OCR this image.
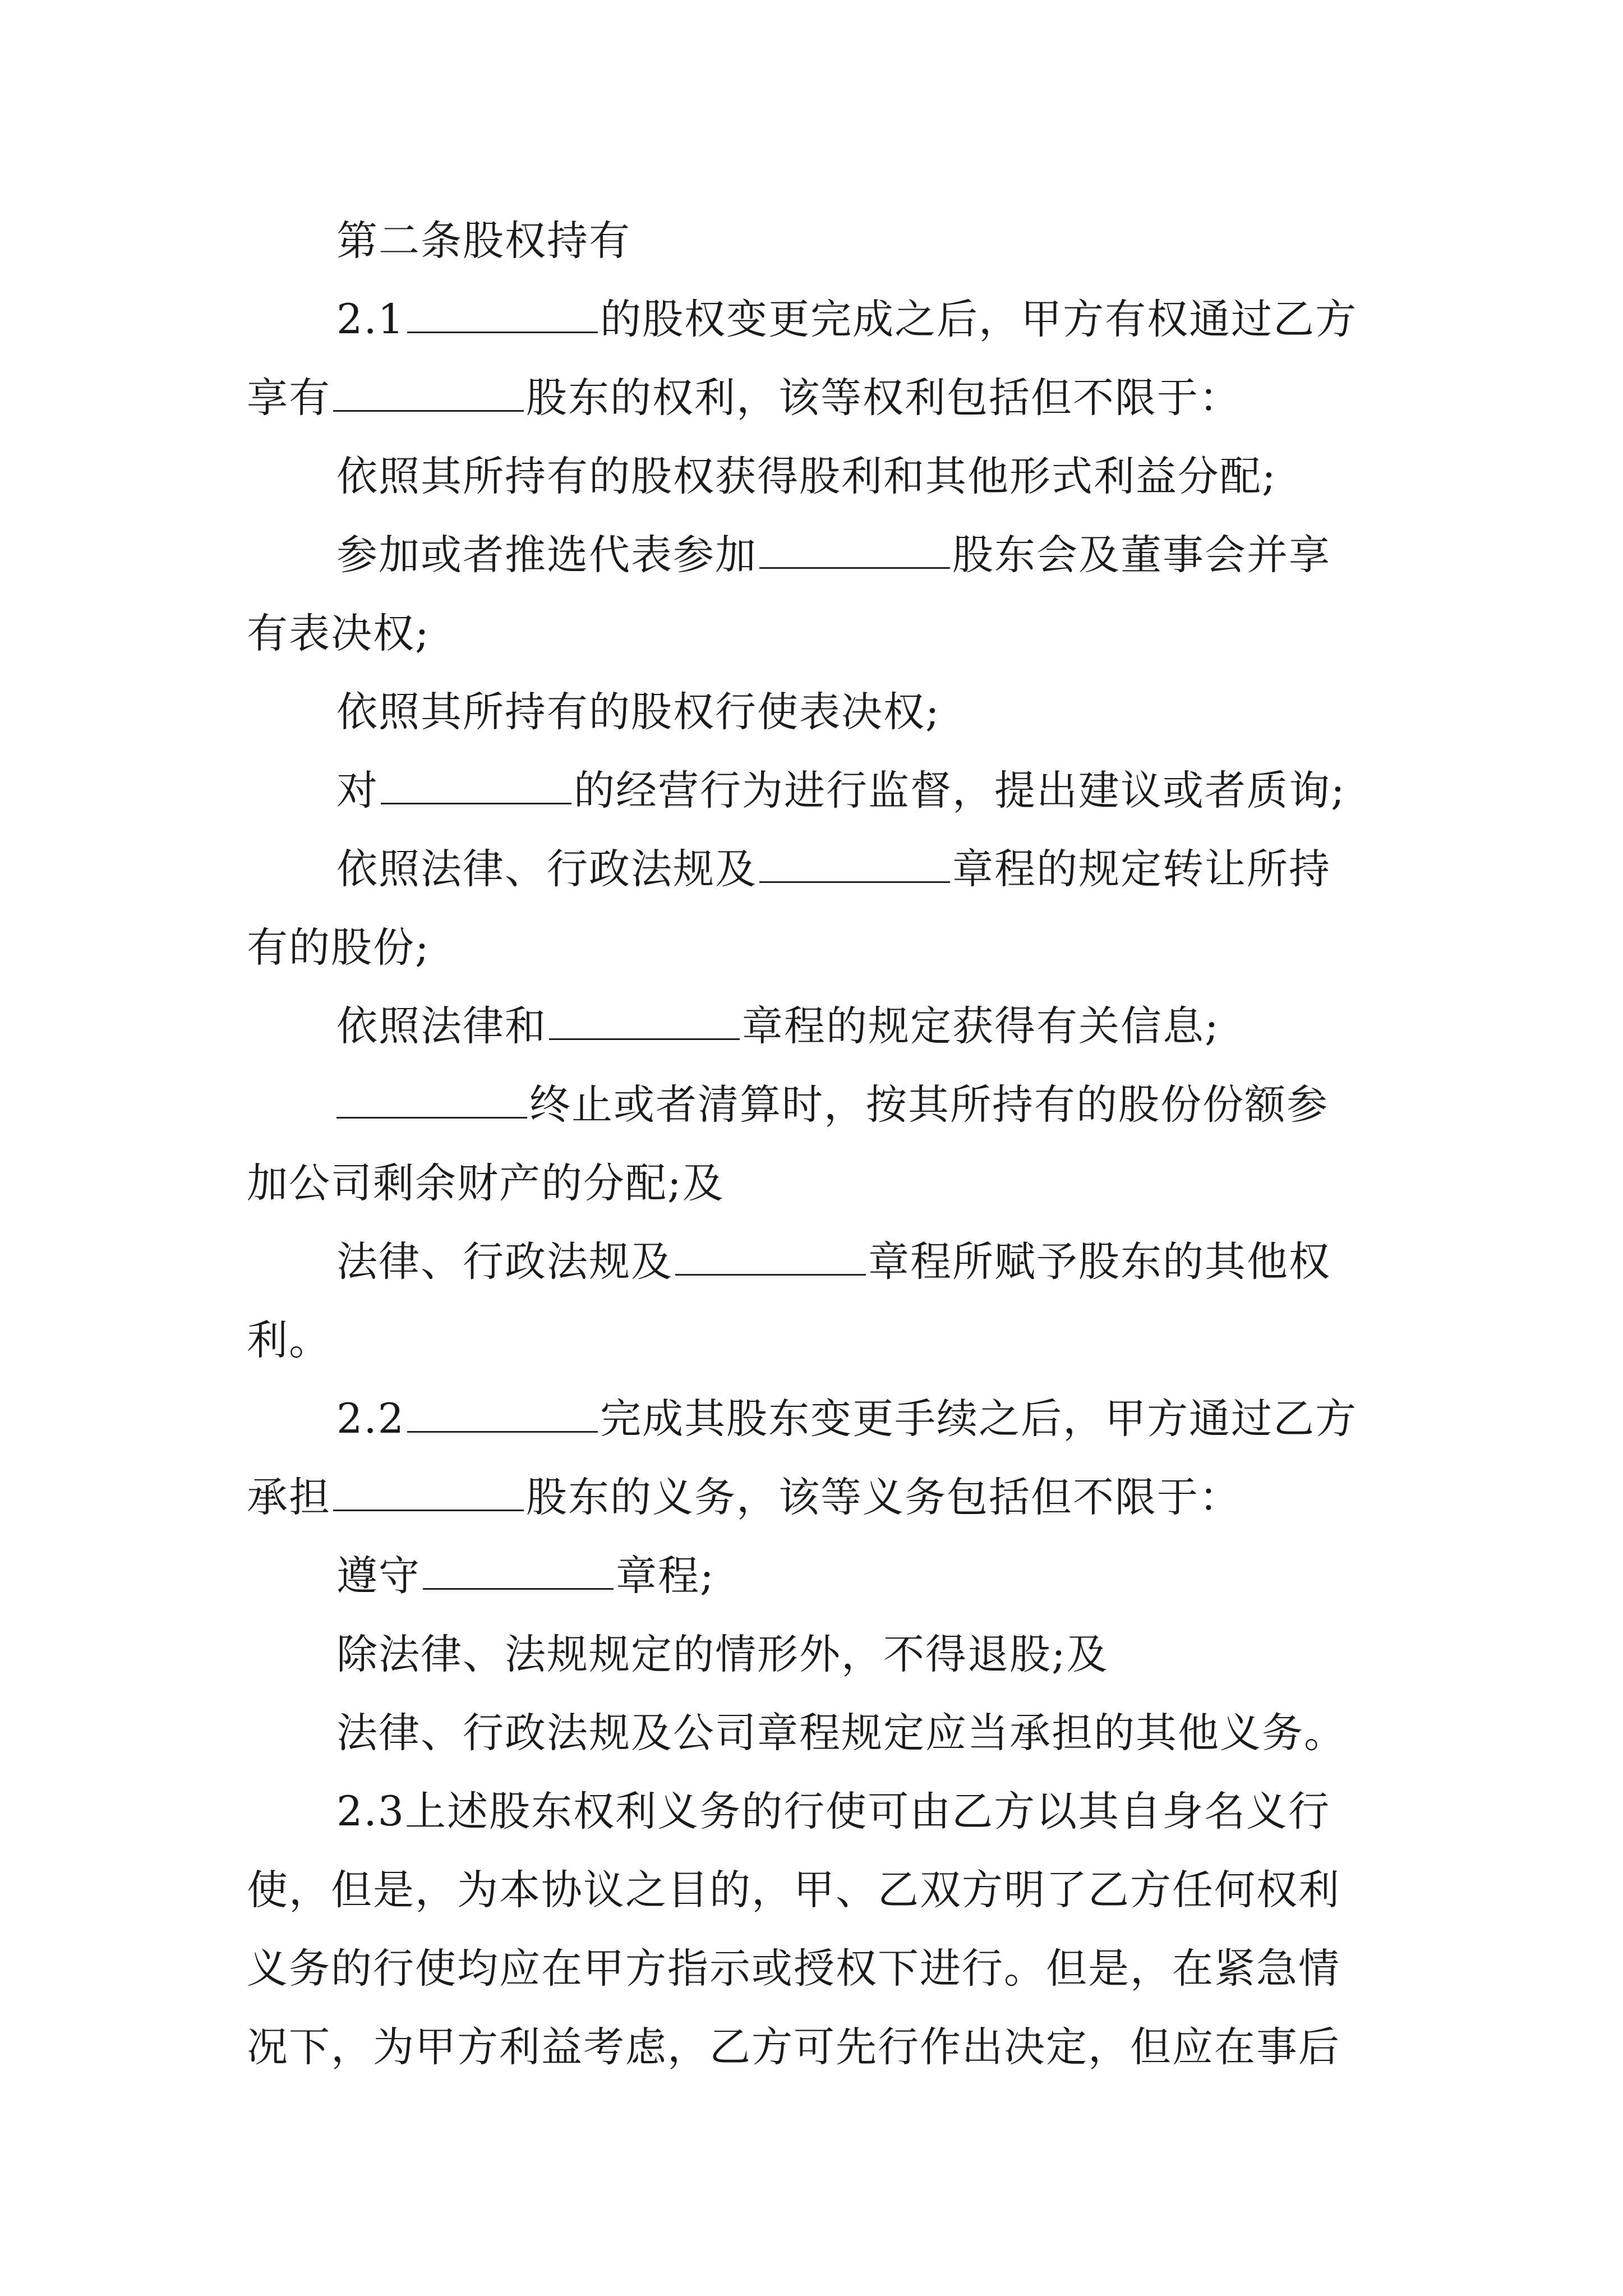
第二条股权持有

2.1	的股权变更完成之后，甲方有权通过乙方

享有	股东的权利，该等权利包括但不限于：

依照其所持有的股权获得股利和其他形式利益分配;

参加或者推选代表参加	股东会及董事会并享

有表决权;

依照其所持有的股权行使表决权;

对	的经营行为进行监督，提出建议或者质询;

依照法律、行政法规及	章程的规定转让所持

有的股份;

依照法律和	章程的规定获得有关信息;

终止或者清算时，按其所持有的股份份额参

加公司剩余财产的分配;及

法律、行政法规及	章程所赋予股东的其他权

利。

2.2	完成其股东变更手续之后，甲方通过乙方

承担	股东的义务，该等义务包括但不限于：

遵守	章程;

除法律、法规规定的情形外，不得退股;及

法律、行政法规及公司章程规定应当承担的其他义务。

2.3上述股东权利义务的行使可由乙方以其自身名义行

使，但是，为本协议之目的，甲、乙双方明了乙方任何权利

义务的行使均应在甲方指示或授权下进行。但是，在紧急情

况下，为甲方利益考虑，乙方可先行作出决定，但应在事后
